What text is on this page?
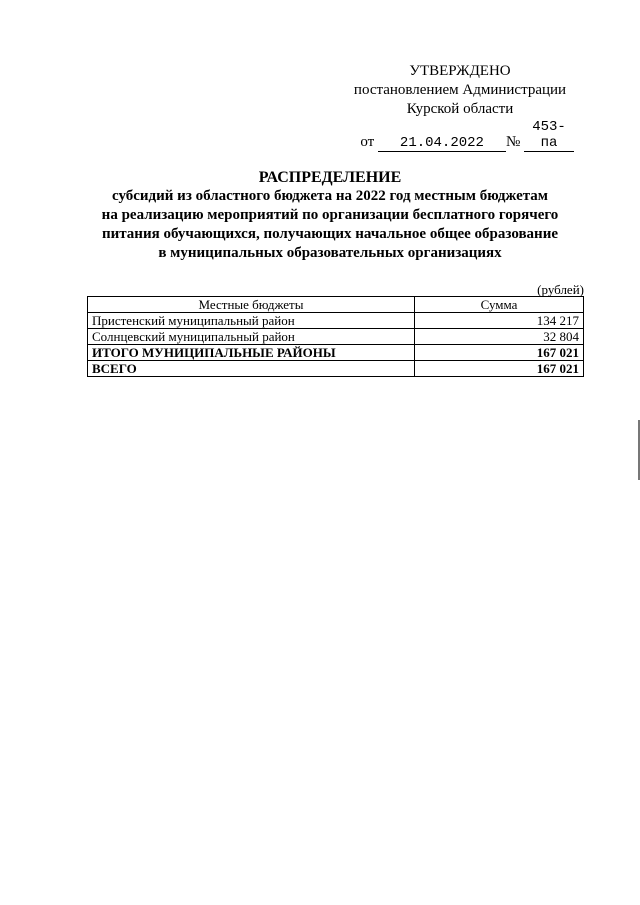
УТВЕРЖДЕНО
постановлением Администрации
Курской области
от 21.04.2022 № 453-па
РАСПРЕДЕЛЕНИЕ
субсидий из областного бюджета на 2022 год местным бюджетам
на реализацию мероприятий по организации бесплатного горячего
питания обучающихся, получающих начальное общее образование
в муниципальных образовательных организациях
(рублей)
Местные бюджеты	Сумма
Пристенский муниципальный район	134 217
Солнцевский муниципальный район	32 804
ИТОГО МУНИЦИПАЛЬНЫЕ РАЙОНЫ	167 021
ВСЕГО	167 021
